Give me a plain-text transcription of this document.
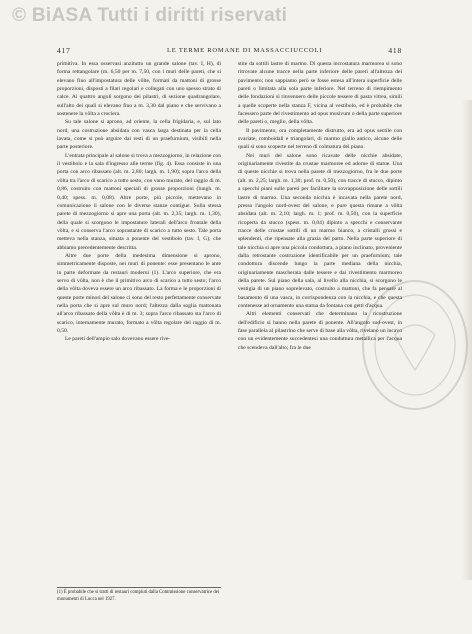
© BiASA Tutti i diritti riservati
417	LE TERME ROMANE DI MASSACCIUCCOLI	418

primitiva. In essa osservasi anzitutto un grande salone (tav. I, H), di forma rettangolare (m. 6,50 per m. 7,50, con i muri delle pareti, che si elevano fino all'impostatura delle vôlte, formati da mattoni di grosse proporzioni, disposti a filari regolari e collegati con uno spesso strato di calce. Ai quattro angoli sorgono dei pilastri, di sezione quadrangolare, sull'alto dei quali si elevano fino a m. 3,30 dal piano e che servivano a sostenere la vôlta a crociera.

Su tale salone si aprono, ad oriente, la cella frigidaria, e, sul lato nord, una costruzione absidata con vasca larga destinata per la cella lavata, come si può arguire dai resti di un praefurnium, visibili nella parte posteriore.

L'entrata principale al salone si trova a mezzogiorno, in relazione con il vestibolo e la sala d'ingresso alle terme (fig. 4). Essa consiste in una porta con arco ribassato (alt. m. 2,80; largh. m. 1,90); sopra l'arco della vôlta tra l'arco di scarico a tutto sesto, con vano murato, del raggio di m. 0,86, costruito con mattoni speciali di grosse proporzioni (lungh. m. 0,40; spess. m. 0,08). Altre porte, più piccole, mettevano in comunicazione il salone con le diverse stanze contigue. Sulla stessa parete di mezzogiorno si apre una porta (alt. m. 2,35; largh. m. 1,30), della quale si scorgono le impostature laterali dell'arco frontale della vôlta, e si conserva l'arco soprastante di scarico a tutto sesto. Tale porta metteva nella stanza, situata a ponente del vestibolo (tav. I, G), che abbiamo precedentemente descritta.

Altre due porte della medesima dimensione si aprono, simmetricamente disposte, nei muri di ponente: esse presentano le ante in parte deformate da restauri moderni (1). L'arco superiore, che era servo di vôlta, non è che il primitivo arco di scarico a tutto sesto; l'arco della vôlta doveva essere un arco ribassato. La forma e le proporzioni di queste porte minori del salone ci sono del resto perfettamente conservate nella porta che si apre sul muro nord; l'altezza dalla soglia mattonata all'arco ribassato della vôlta è di m. 3; sopra l'arco ribassato sta l'arco di scarico, internamente murato, formato a vôlta regolare del raggio di m. 0,50.

Le pareti dell'ampio salo dovevano essere rive-

(1) È probabile che si tratti di restauri compiuti dalla Commissione conservatrice dei monumenti di Lucca nel 1927.

stite da sottili lastre di marmo. Di questa incrostatura marmorea si sono ritrovate alcune tracce nella parte inferiore delle pareti all'altezza del pavimento; non sappiamo però se fosse estesa all'intera superficie delle pareti o limitata alla sola parte inferiore. Nel terreno di riempimento delle fondazioni si rinvennero delle piccole tessere di pasta vitrea, simili a quelle scoperte nella stanza F, vicina al vestibolo, ed è probabile che facessero parte del rivestimento ad opus musivum o della parte superiore delle pareti o, meglio, della vôlta.

Il pavimento, ora completamente distrutto, era ad opus sectile con svariate, romboidali e triangolari, di marmo giallo antico, alcune delle quali si sono scoperte nel terreno di colmatura del piano.

Nei muri del salone sono ricavate delle nicchie absidate, originariamente rivestite da crustae marmoree ed adorne di statue. Una di queste nicchie si trova nella parete di mezzogiorno, fra le due porte (alt. m. 2,25; largh. m. 1,30; prof. m. 0,50), con tracce di stucco, dipinto a specchi piani sulle pareti per facilitare la sovrapposizione delle sottili lastre di marmo. Una seconda nicchia è incavata nella parete nord, presso l'angolo nord-ovest del salone, e pure questa rimane a vôlta absidata (alt. m. 2,10; largh. m. 1; prof. m. 0,50), con la superficie ricoperta da stucco (spess. m. 0,04) dipinto a specchi e conservante tracce delle crustae sottili di un marmo bianco, a cristalli grossi e splendenti, che ripensate alla grazia del parto. Nella parte superiore di tale nicchia si apre una piccola condottura, a piano inclinato, proveniente dalla retrostante costruzione identificabile per un praefurnium; tale condottura discende lungo la parte mediana della nicchia, originariamente mascherata dalle tessere e dai rivestimento marmoreo della parete. Sul piano della sala, al livello alla nicchia, si scorgono le vestigia di un piano soprelevato, costruito a mattoni, che fa pensare al basamento di una vasca, in corrispondenza con la nicchia, e che questa contenesse ad ornamento una statua da fontana con getti d'acqua.

Altri elementi conservati che determinano la ricostruzione dell'edificio si hanno nella parete di ponente. All'angolo sud-ovest, in fase parallela al pilastrino che serve di base alla vôlta, rivelano un incavo con un evidentemente succedentesi una conduttura metallica per l'acqua che scendeva dall'alto; fra le due
